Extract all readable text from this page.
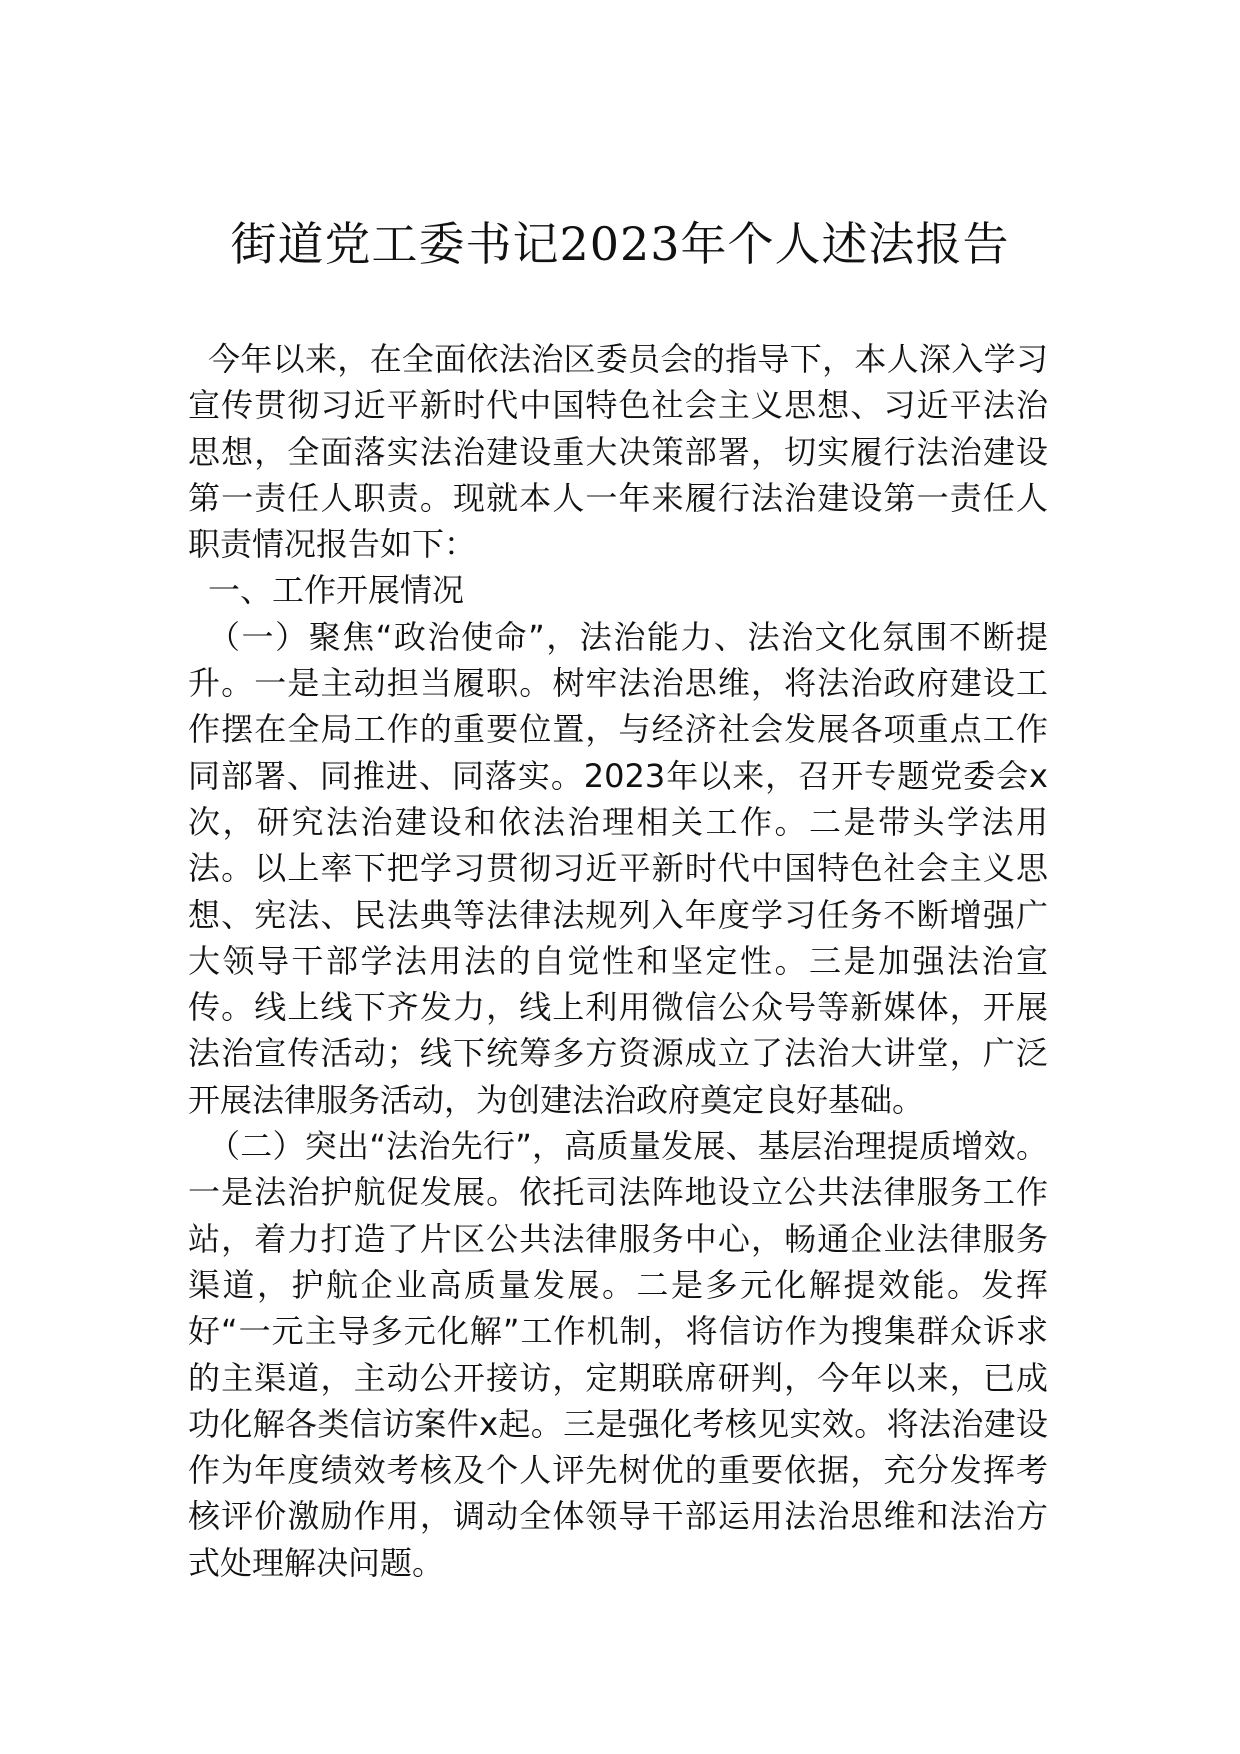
街道党工委书记2023年个人述法报告

今年以来，在全面依法治区委员会的指导下，本人深入学习宣传贯彻习近平新时代中国特色社会主义思想、习近平法治思想，全面落实法治建设重大决策部署，切实履行法治建设第一责任人职责。现就本人一年来履行法治建设第一责任人职责情况报告如下：

一、工作开展情况

（一）聚焦“政治使命”，法治能力、法治文化氛围不断提升。一是主动担当履职。树牢法治思维，将法治政府建设工作摆在全局工作的重要位置，与经济社会发展各项重点工作同部署、同推进、同落实。2023年以来，召开专题党委会x次，研究法治建设和依法治理相关工作。二是带头学法用法。以上率下把学习贯彻习近平新时代中国特色社会主义思想、宪法、民法典等法律法规列入年度学习任务不断增强广大领导干部学法用法的自觉性和坚定性。三是加强法治宣传。线上线下齐发力，线上利用微信公众号等新媒体，开展法治宣传活动；线下统筹多方资源成立了法治大讲堂，广泛开展法律服务活动，为创建法治政府奠定良好基础。

（二）突出“法治先行”，高质量发展、基层治理提质增效。一是法治护航促发展。依托司法阵地设立公共法律服务工作站，着力打造了片区公共法律服务中心，畅通企业法律服务渠道，护航企业高质量发展。二是多元化解提效能。发挥好“一元主导多元化解”工作机制，将信访作为搜集群众诉求的主渠道，主动公开接访，定期联席研判，今年以来，已成功化解各类信访案件x起。三是强化考核见实效。将法治建设作为年度绩效考核及个人评先树优的重要依据，充分发挥考核评价激励作用，调动全体领导干部运用法治思维和法治方式处理解决问题。
